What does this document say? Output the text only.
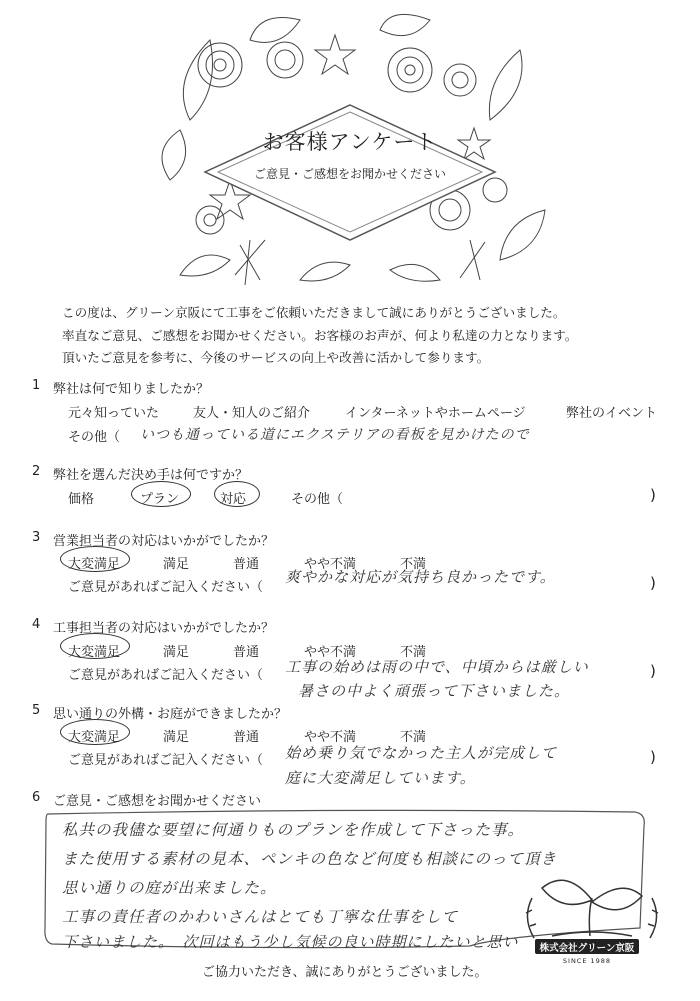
お客様アンケート
ご意見・ご感想をお聞かせください
この度は、グリーン京阪にて工事をご依頼いただきまして誠にありがとうございました。
率直なご意見、ご感想をお聞かせください。お客様のお声が、何より私達の力となります。
頂いたご意見を参考に、今後のサービスの向上や改善に活かして参ります。
1 弊社は何で知りましたか？
元々知っていた	友人・知人のご紹介	インターネットやホームページ	弊社のイベント
その他（ いつも通っている道にエクステリアの看板を見かけたので
2 弊社を選んだ決め手は何ですか？
価格	プラン	対応	その他（	)
3 営業担当者の対応はいかがでしたか？
大変満足	満足	普通	やや不満	不満
ご意見があればご記入ください（
爽やかな対応が気持ち良かったです。	)
4 工事担当者の対応はいかがでしたか？
大変満足	満足	普通	やや不満	不満
ご意見があればご記入ください（ 工事の始めは雨の中で、中頃からは厳しい
暑さの中よく頑張って下さいました。
)
5 思い通りの外構・お庭ができましたか？
大変満足	満足	普通	やや不満	不満
ご意見があればご記入ください（ 始め乗り気でなかった主人が完成して
庭に大変満足しています。
)
6 ご意見・ご感想をお聞かせください
私共の我儘な要望に何通りものプランを作成して下さった事。
また使用する素材の見本、ペンキの色など何度も相談にのって頂き
思い通りの庭が出来ました。
工事の責任者のかわいさんはとても丁寧な仕事をして
下さいました。　次回はもう少し気候の良い時期にしたいと思い	株式会社グリーン京阪
SINCE 1988
ご協力いただき、誠にありがとうございました。
